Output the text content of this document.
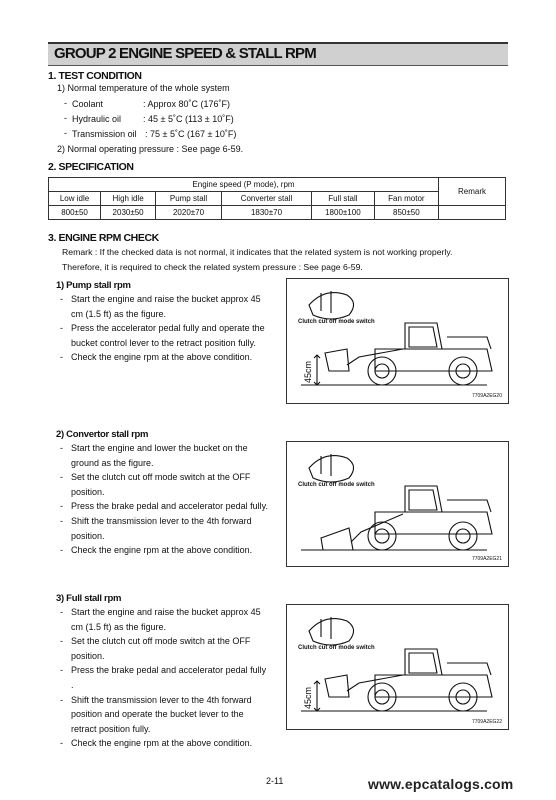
GROUP 2 ENGINE SPEED & STALL RPM
1. TEST CONDITION
1) Normal temperature of the whole system
- Coolant	: Approx 80˚C (176˚F)
- Hydraulic oil : 45 ± 5˚C (113 ± 10˚F)
- Transmission oil : 75 ± 5˚C (167 ± 10˚F)
2) Normal operating pressure : See page 6-59.
2. SPECIFICATION
Engine speed (P mode), rpm						Remark
Low idle	High idle	Pump stall	Converter stall	Full stall	Fan motor	
800±50	2030±50	2020±70	1830±70	1800±100	850±50	
3. ENGINE RPM CHECK
Remark : If the checked data is not normal, it indicates that the related system is not working properly.
Therefore, it is required to check the related system pressure : See page 6-59.
1) Pump stall rpm
- Start the engine and raise the bucket approx 45 cm (1.5 ft) as the figure.
- Press the accelerator pedal fully and operate the bucket control lever to the retract position fully.
- Check the engine rpm at the above condition.
Clutch cut off mode switch
45cm
7709A2EG20
2) Convertor stall rpm
- Start the engine and lower the bucket on the ground as the figure.
- Set the clutch cut off mode switch at the OFF position.
- Press the brake pedal and accelerator pedal fully.
- Shift the transmission lever to the 4th forward position.
- Check the engine rpm at the above condition.
Clutch cut off mode switch
7709A2EG21
3) Full stall rpm
- Start the engine and raise the bucket approx 45 cm (1.5 ft) as the figure.
- Set the clutch cut off mode switch at the OFF position.
- Press the brake pedal and accelerator pedal fully .
- Shift the transmission lever to the 4th forward position and operate the bucket lever to the retract position fully.
- Check the engine rpm at the above condition.
Clutch cut off mode switch
45cm
7709A2EG22
2-11	www.epcatalogs.com
